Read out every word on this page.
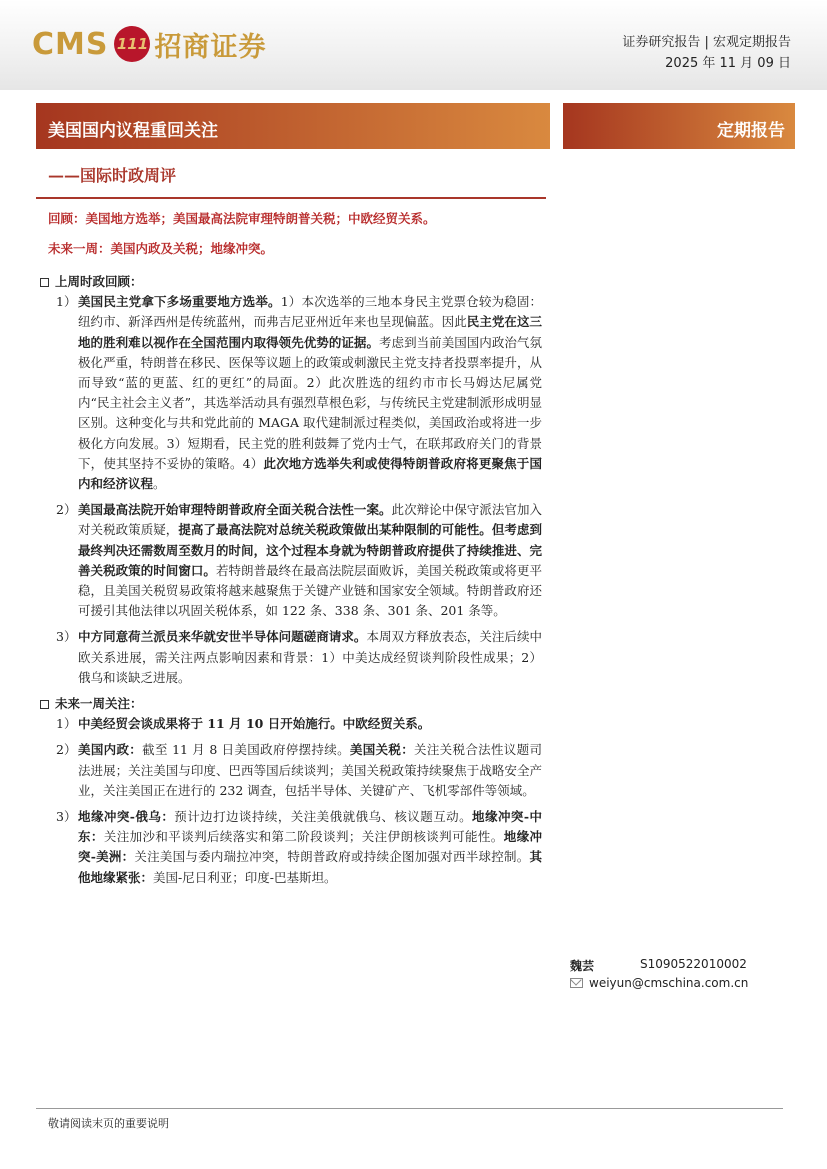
CMS 111 招商证券	证券研究报告 | 宏观定期报告
2025 年 11 月 09 日
美国国内议程重回关注	定期报告
——国际时政周评
回顾：美国地方选举；美国最高法院审理特朗普关税；中欧经贸关系。
未来一周：美国内政及关税；地缘冲突。
上周时政回顾：
1） 美国民主党拿下多场重要地方选举。1）本次选举的三地本身民主党票仓较为稳固：纽约市、新泽西州是传统蓝州，而弗吉尼亚州近年来也呈现偏蓝。因此民主党在这三地的胜利难以视作在全国范围内取得领先优势的证据。考虑到当前美国国内政治气氛极化严重，特朗普在移民、医保等议题上的政策或刺激民主党支持者投票率提升，从而导致“蓝的更蓝、红的更红”的局面。2）此次胜选的纽约市市长马姆达尼属党内“民主社会主义者”，其选举活动具有强烈草根色彩，与传统民主党建制派形成明显区别。这种变化与共和党此前的 MAGA 取代建制派过程类似，美国政治或将进一步极化方向发展。3）短期看，民主党的胜利鼓舞了党内士气，在联邦政府关门的背景下，使其坚持不妥协的策略。4）此次地方选举失利或使得特朗普政府将更聚焦于国内和经济议程。
2） 美国最高法院开始审理特朗普政府全面关税合法性一案。此次辩论中保守派法官加入对关税政策质疑，提高了最高法院对总统关税政策做出某种限制的可能性。但考虑到最终判决还需数周至数月的时间，这个过程本身就为特朗普政府提供了持续推进、完善关税政策的时间窗口。若特朗普最终在最高法院层面败诉，美国关税政策或将更平稳，且美国关税贸易政策将越来越聚焦于关键产业链和国家安全领域。特朗普政府还可援引其他法律以巩固关税体系，如 122 条、338 条、301 条、201 条等。
3） 中方同意荷兰派员来华就安世半导体问题磋商请求。本周双方释放表态，关注后续中欧关系进展，需关注两点影响因素和背景：1）中美达成经贸谈判阶段性成果；2）俄乌和谈缺乏进展。
未来一周关注：
1） 中美经贸会谈成果将于 11 月 10 日开始施行。中欧经贸关系。
2） 美国内政：截至 11 月 8 日美国政府停摆持续。美国关税：关注关税合法性议题司法进展；关注美国与印度、巴西等国后续谈判；美国关税政策持续聚焦于战略安全产业，关注美国正在进行的 232 调查，包括半导体、关键矿产、飞机零部件等领域。
3） 地缘冲突-俄乌：预计边打边谈持续，关注美俄就俄乌、核议题互动。地缘冲突-中东：关注加沙和平谈判后续落实和第二阶段谈判；关注伊朗核谈判可能性。地缘冲突-美洲：关注美国与委内瑞拉冲突，特朗普政府或持续企图加强对西半球控制。其他地缘紧张：美国-尼日利亚；印度-巴基斯坦。
魏芸	S1090522010002
weiyun@cmschina.com.cn
敬请阅读末页的重要说明
